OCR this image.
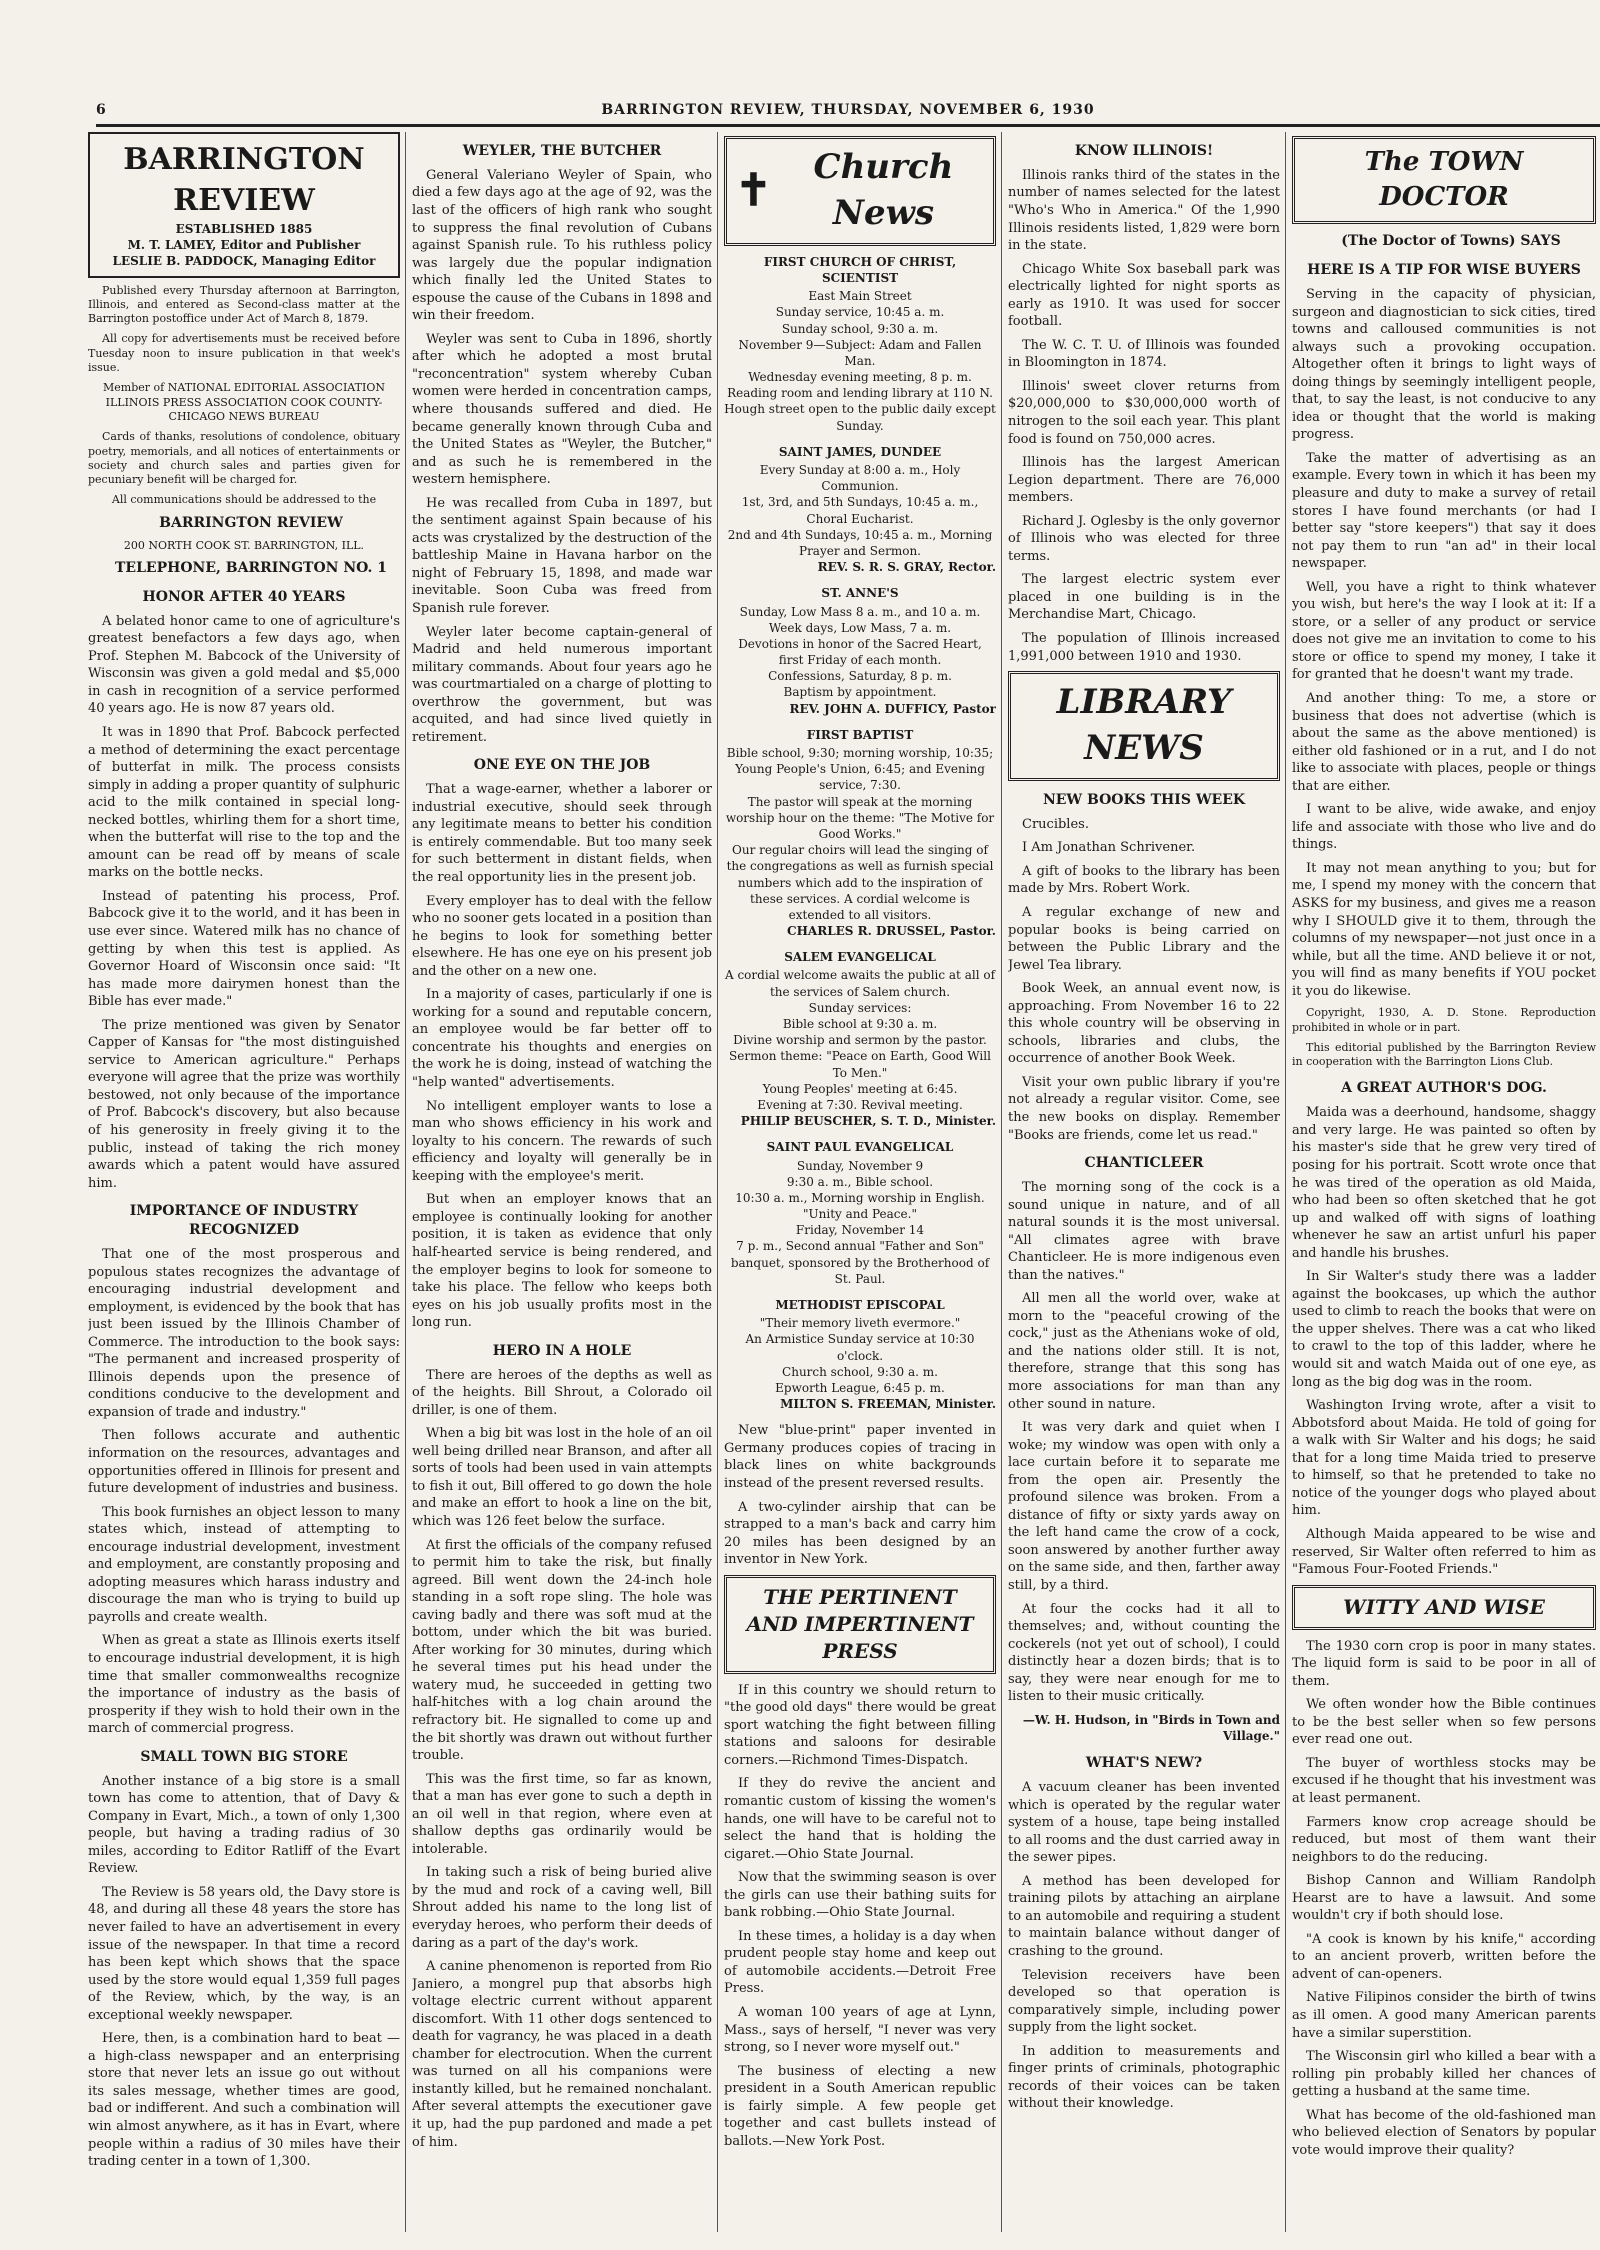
6	BARRINGTON REVIEW, THURSDAY, NOVEMBER 6, 1930
BARRINGTON REVIEW
ESTABLISHED 1885
M. T. LAMEY, Editor and Publisher
LESLIE B. PADDOCK, Managing Editor

Published every Thursday afternoon at Barrington, Illinois, and entered as Second-class matter at the Barrington postoffice under Act of March 8, 1879.

All copy for advertisements must be received before Tuesday noon to insure publication in that week's issue.

Member of NATIONAL EDITORIAL ASSOCIATION ILLINOIS PRESS ASSOCIATION COOK COUNTY-CHICAGO NEWS BUREAU

Cards of thanks, resolutions of condolence, obituary poetry, memorials, and all notices of entertainments or society and church sales and parties given for pecuniary benefit will be charged for.

All communications should be addressed to the

BARRINGTON REVIEW

200 NORTH COOK ST. BARRINGTON, ILL.

TELEPHONE, BARRINGTON NO. 1

HONOR AFTER 40 YEARS

A belated honor came to one of agriculture's greatest benefactors a few days ago, when Prof. Stephen M. Babcock of the University of Wisconsin was given a gold medal and $5,000 in cash in recognition of a service performed 40 years ago. He is now 87 years old.

It was in 1890 that Prof. Babcock perfected a method of determining the exact percentage of butterfat in milk. The process consists simply in adding a proper quantity of sulphuric acid to the milk contained in special long-necked bottles, whirling them for a short time, when the butterfat will rise to the top and the amount can be read off by means of scale marks on the bottle necks.

Instead of patenting his process, Prof. Babcock give it to the world, and it has been in use ever since. Watered milk has no chance of getting by when this test is applied. As Governor Hoard of Wisconsin once said: "It has made more dairymen honest than the Bible has ever made."

The prize mentioned was given by Senator Capper of Kansas for "the most distinguished service to American agriculture." Perhaps everyone will agree that the prize was worthily bestowed, not only because of the importance of Prof. Babcock's discovery, but also because of his generosity in freely giving it to the public, instead of taking the rich money awards which a patent would have assured him.

IMPORTANCE OF INDUSTRY RECOGNIZED

That one of the most prosperous and populous states recognizes the advantage of encouraging industrial development and employment, is evidenced by the book that has just been issued by the Illinois Chamber of Commerce. The introduction to the book says: "The permanent and increased prosperity of Illinois depends upon the presence of conditions conducive to the development and expansion of trade and industry."

Then follows accurate and authentic information on the resources, advantages and opportunities offered in Illinois for present and future development of industries and business.

This book furnishes an object lesson to many states which, instead of attempting to encourage industrial development, investment and employment, are constantly proposing and adopting measures which harass industry and discourage the man who is trying to build up payrolls and create wealth.

When as great a state as Illinois exerts itself to encourage industrial development, it is high time that smaller commonwealths recognize the importance of industry as the basis of prosperity if they wish to hold their own in the march of commercial progress.

SMALL TOWN BIG STORE

Another instance of a big store is a small town has come to attention, that of Davy & Company in Evart, Mich., a town of only 1,300 people, but having a trading radius of 30 miles, according to Editor Ratliff of the Evart Review.

The Review is 58 years old, the Davy store is 48, and during all these 48 years the store has never failed to have an advertisement in every issue of the newspaper. In that time a record has been kept which shows that the space used by the store would equal 1,359 full pages of the Review, which, by the way, is an exceptional weekly newspaper.

Here, then, is a combination hard to beat — a high-class newspaper and an enterprising store that never lets an issue go out without its sales message, whether times are good, bad or indifferent. And such a combination will win almost anywhere, as it has in Evart, where people within a radius of 30 miles have their trading center in a town of 1,300.

WEYLER, THE BUTCHER

General Valeriano Weyler of Spain, who died a few days ago at the age of 92, was the last of the officers of high rank who sought to suppress the final revolution of Cubans against Spanish rule. To his ruthless policy was largely due the popular indignation which finally led the United States to espouse the cause of the Cubans in 1898 and win their freedom.

Weyler was sent to Cuba in 1896, shortly after which he adopted a most brutal "reconcentration" system whereby Cuban women were herded in concentration camps, where thousands suffered and died. He became generally known through Cuba and the United States as "Weyler, the Butcher," and as such he is remembered in the western hemisphere.

He was recalled from Cuba in 1897, but the sentiment against Spain because of his acts was crystalized by the destruction of the battleship Maine in Havana harbor on the night of February 15, 1898, and made war inevitable. Soon Cuba was freed from Spanish rule forever.

Weyler later become captain-general of Madrid and held numerous important military commands. About four years ago he was courtmartialed on a charge of plotting to overthrow the government, but was acquited, and had since lived quietly in retirement.

ONE EYE ON THE JOB

That a wage-earner, whether a laborer or industrial executive, should seek through any legitimate means to better his condition is entirely commendable. But too many seek for such betterment in distant fields, when the real opportunity lies in the present job.

Every employer has to deal with the fellow who no sooner gets located in a position than he begins to look for something better elsewhere. He has one eye on his present job and the other on a new one.

In a majority of cases, particularly if one is working for a sound and reputable concern, an employee would be far better off to concentrate his thoughts and energies on the work he is doing, instead of watching the "help wanted" advertisements.

No intelligent employer wants to lose a man who shows efficiency in his work and loyalty to his concern. The rewards of such efficiency and loyalty will generally be in keeping with the employee's merit.

But when an employer knows that an employee is continually looking for another position, it is taken as evidence that only half-hearted service is being rendered, and the employer begins to look for someone to take his place. The fellow who keeps both eyes on his job usually profits most in the long run.

HERO IN A HOLE

There are heroes of the depths as well as of the heights. Bill Shrout, a Colorado oil driller, is one of them.

When a big bit was lost in the hole of an oil well being drilled near Branson, and after all sorts of tools had been used in vain attempts to fish it out, Bill offered to go down the hole and make an effort to hook a line on the bit, which was 126 feet below the surface.

At first the officials of the company refused to permit him to take the risk, but finally agreed. Bill went down the 24-inch hole standing in a soft rope sling. The hole was caving badly and there was soft mud at the bottom, under which the bit was buried. After working for 30 minutes, during which he several times put his head under the watery mud, he succeeded in getting two half-hitches with a log chain around the refractory bit. He signalled to come up and the bit shortly was drawn out without further trouble.

This was the first time, so far as known, that a man has ever gone to such a depth in an oil well in that region, where even at shallow depths gas ordinarily would be intolerable.

In taking such a risk of being buried alive by the mud and rock of a caving well, Bill Shrout added his name to the long list of everyday heroes, who perform their deeds of daring as a part of the day's work.

A canine phenomenon is reported from Rio Janiero, a mongrel pup that absorbs high voltage electric current without apparent discomfort. With 11 other dogs sentenced to death for vagrancy, he was placed in a death chamber for electrocution. When the current was turned on all his companions were instantly killed, but he remained nonchalant. After several attempts the executioner gave it up, had the pup pardoned and made a pet of him.

✝	Church News
FIRST CHURCH OF CHRIST, SCIENTIST
East Main Street
Sunday service, 10:45 a. m.
Sunday school, 9:30 a. m.
November 9—Subject: Adam and Fallen Man.
Wednesday evening meeting, 8 p. m.
Reading room and lending library at 110 N. Hough street open to the public daily except Sunday.
SAINT JAMES, DUNDEE
Every Sunday at 8:00 a. m., Holy Communion.
1st, 3rd, and 5th Sundays, 10:45 a. m., Choral Eucharist.
2nd and 4th Sundays, 10:45 a. m., Morning Prayer and Sermon.
REV. S. R. S. GRAY, Rector.
ST. ANNE'S
Sunday, Low Mass 8 a. m., and 10 a. m.
Week days, Low Mass, 7 a. m.
Devotions in honor of the Sacred Heart, first Friday of each month.
Confessions, Saturday, 8 p. m.
Baptism by appointment.
REV. JOHN A. DUFFICY, Pastor
FIRST BAPTIST
Bible school, 9:30; morning worship, 10:35; Young People's Union, 6:45; and Evening service, 7:30.
The pastor will speak at the morning worship hour on the theme: "The Motive for Good Works."
Our regular choirs will lead the singing of the congregations as well as furnish special numbers which add to the inspiration of these services. A cordial welcome is extended to all visitors.
CHARLES R. DRUSSEL, Pastor.
SALEM EVANGELICAL
A cordial welcome awaits the public at all of the services of Salem church.
Sunday services:
Bible school at 9:30 a. m.
Divine worship and sermon by the pastor. Sermon theme: "Peace on Earth, Good Will To Men."
Young Peoples' meeting at 6:45.
Evening at 7:30. Revival meeting.
PHILIP BEUSCHER, S. T. D., Minister.
SAINT PAUL EVANGELICAL
Sunday, November 9
9:30 a. m., Bible school.
10:30 a. m., Morning worship in English. "Unity and Peace."
Friday, November 14
7 p. m., Second annual "Father and Son" banquet, sponsored by the Brotherhood of St. Paul.
METHODIST EPISCOPAL
"Their memory liveth evermore."
An Armistice Sunday service at 10:30 o'clock.
Church school, 9:30 a. m.
Epworth League, 6:45 p. m.
MILTON S. FREEMAN, Minister.

New "blue-print" paper invented in Germany produces copies of tracing in black lines on white backgrounds instead of the present reversed results.

A two-cylinder airship that can be strapped to a man's back and carry him 20 miles has been designed by an inventor in New York.

THE PERTINENT AND IMPERTINENT PRESS

If in this country we should return to "the good old days" there would be great sport watching the fight between filling stations and saloons for desirable corners.—Richmond Times-Dispatch.

If they do revive the ancient and romantic custom of kissing the women's hands, one will have to be careful not to select the hand that is holding the cigaret.—Ohio State Journal.

Now that the swimming season is over the girls can use their bathing suits for bank robbing.—Ohio State Journal.

In these times, a holiday is a day when prudent people stay home and keep out of automobile accidents.—Detroit Free Press.

A woman 100 years of age at Lynn, Mass., says of herself, "I never was very strong, so I never wore myself out."

The business of electing a new president in a South American republic is fairly simple. A few people get together and cast bullets instead of ballots.—New York Post.

KNOW ILLINOIS!

Illinois ranks third of the states in the number of names selected for the latest "Who's Who in America." Of the 1,990 Illinois residents listed, 1,829 were born in the state.

Chicago White Sox baseball park was electrically lighted for night sports as early as 1910. It was used for soccer football.

The W. C. T. U. of Illinois was founded in Bloomington in 1874.

Illinois' sweet clover returns from $20,000,000 to $30,000,000 worth of nitrogen to the soil each year. This plant food is found on 750,000 acres.

Illinois has the largest American Legion department. There are 76,000 members.

Richard J. Oglesby is the only governor of Illinois who was elected for three terms.

The largest electric system ever placed in one building is in the Merchandise Mart, Chicago.

The population of Illinois increased 1,991,000 between 1910 and 1930.

LIBRARY NEWS
NEW BOOKS THIS WEEK

Crucibles.

I Am Jonathan Schrivener.

A gift of books to the library has been made by Mrs. Robert Work.

A regular exchange of new and popular books is being carried on between the Public Library and the Jewel Tea library.

Book Week, an annual event now, is approaching. From November 16 to 22 this whole country will be observing in schools, libraries and clubs, the occurrence of another Book Week.

Visit your own public library if you're not already a regular visitor. Come, see the new books on display. Remember "Books are friends, come let us read."

CHANTICLEER

The morning song of the cock is a sound unique in nature, and of all natural sounds it is the most universal. "All climates agree with brave Chanticleer. He is more indigenous even than the natives."

All men all the world over, wake at morn to the "peaceful crowing of the cock," just as the Athenians woke of old, and the nations older still. It is not, therefore, strange that this song has more associations for man than any other sound in nature.

It was very dark and quiet when I woke; my window was open with only a lace curtain before it to separate me from the open air. Presently the profound silence was broken. From a distance of fifty or sixty yards away on the left hand came the crow of a cock, soon answered by another further away on the same side, and then, farther away still, by a third.

At four the cocks had it all to themselves; and, without counting the cockerels (not yet out of school), I could distinctly hear a dozen birds; that is to say, they were near enough for me to listen to their music critically.

—W. H. Hudson, in "Birds in Town and Village."
WHAT'S NEW?

A vacuum cleaner has been invented which is operated by the regular water system of a house, tape being installed to all rooms and the dust carried away in the sewer pipes.

A method has been developed for training pilots by attaching an airplane to an automobile and requiring a student to maintain balance without danger of crashing to the ground.

Television receivers have been developed so that operation is comparatively simple, including power supply from the light socket.

In addition to measurements and finger prints of criminals, photographic records of their voices can be taken without their knowledge.

The TOWN DOCTOR

(The Doctor of Towns) SAYS

HERE IS A TIP FOR WISE BUYERS

Serving in the capacity of physician, surgeon and diagnostician to sick cities, tired towns and calloused communities is not always such a provoking occupation. Altogether often it brings to light ways of doing things by seemingly intelligent people, that, to say the least, is not conducive to any idea or thought that the world is making progress.

Take the matter of advertising as an example. Every town in which it has been my pleasure and duty to make a survey of retail stores I have found merchants (or had I better say "store keepers") that say it does not pay them to run "an ad" in their local newspaper.

Well, you have a right to think whatever you wish, but here's the way I look at it: If a store, or a seller of any product or service does not give me an invitation to come to his store or office to spend my money, I take it for granted that he doesn't want my trade.

And another thing: To me, a store or business that does not advertise (which is about the same as the above mentioned) is either old fashioned or in a rut, and I do not like to associate with places, people or things that are either.

I want to be alive, wide awake, and enjoy life and associate with those who live and do things.

It may not mean anything to you; but for me, I spend my money with the concern that ASKS for my business, and gives me a reason why I SHOULD give it to them, through the columns of my newspaper—not just once in a while, but all the time. AND believe it or not, you will find as many benefits if YOU pocket it you do likewise.

Copyright, 1930, A. D. Stone. Reproduction prohibited in whole or in part.

This editorial published by the Barrington Review in cooperation with the Barrington Lions Club.

A GREAT AUTHOR'S DOG.

Maida was a deerhound, handsome, shaggy and very large. He was painted so often by his master's side that he grew very tired of posing for his portrait. Scott wrote once that he was tired of the operation as old Maida, who had been so often sketched that he got up and walked off with signs of loathing whenever he saw an artist unfurl his paper and handle his brushes.

In Sir Walter's study there was a ladder against the bookcases, up which the author used to climb to reach the books that were on the upper shelves. There was a cat who liked to crawl to the top of this ladder, where he would sit and watch Maida out of one eye, as long as the big dog was in the room.

Washington Irving wrote, after a visit to Abbotsford about Maida. He told of going for a walk with Sir Walter and his dogs; he said that for a long time Maida tried to preserve to himself, so that he pretended to take no notice of the younger dogs who played about him.

Although Maida appeared to be wise and reserved, Sir Walter often referred to him as "Famous Four-Footed Friends."

WITTY AND WISE

The 1930 corn crop is poor in many states. The liquid form is said to be poor in all of them.

We often wonder how the Bible continues to be the best seller when so few persons ever read one out.

The buyer of worthless stocks may be excused if he thought that his investment was at least permanent.

Farmers know crop acreage should be reduced, but most of them want their neighbors to do the reducing.

Bishop Cannon and William Randolph Hearst are to have a lawsuit. And some wouldn't cry if both should lose.

"A cook is known by his knife," according to an ancient proverb, written before the advent of can-openers.

Native Filipinos consider the birth of twins as ill omen. A good many American parents have a similar superstition.

The Wisconsin girl who killed a bear with a rolling pin probably killed her chances of getting a husband at the same time.

What has become of the old-fashioned man who believed election of Senators by popular vote would improve their quality?
